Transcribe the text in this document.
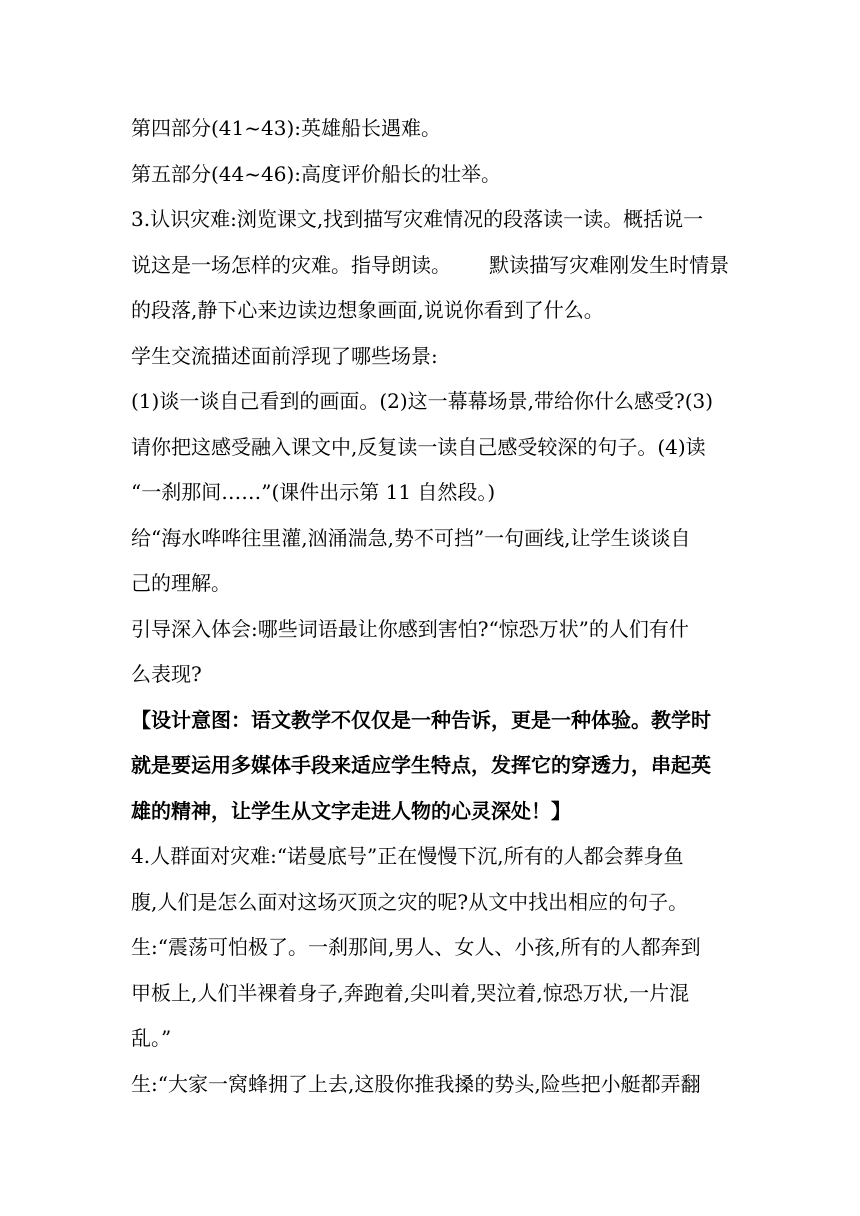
第四部分(41~43):英雄船长遇难。
第五部分(44~46):高度评价船长的壮举。
3.认识灾难:浏览课文,找到描写灾难情况的段落读一读。概括说一
说这是一场怎样的灾难。指导朗读。      默读描写灾难刚发生时情景
的段落,静下心来边读边想象画面,说说你看到了什么。
学生交流描述面前浮现了哪些场景:
(1)谈一谈自己看到的画面。(2)这一幕幕场景,带给你什么感受?(3)
请你把这感受融入课文中,反复读一读自己感受较深的句子。(4)读
“一刹那间……”(课件出示第 11 自然段。)
给“海水哗哗往里灌,汹涌湍急,势不可挡”一句画线,让学生谈谈自
己的理解。
引导深入体会:哪些词语最让你感到害怕?“惊恐万状”的人们有什
么表现?
【设计意图：语文教学不仅仅是一种告诉，更是一种体验。教学时
就是要运用多媒体手段来适应学生特点，发挥它的穿透力，串起英
雄的精神，让学生从文字走进人物的心灵深处！】
4.人群面对灾难:“诺曼底号”正在慢慢下沉,所有的人都会葬身鱼
腹,人们是怎么面对这场灭顶之灾的呢?从文中找出相应的句子。
生:“震荡可怕极了。一刹那间,男人、女人、小孩,所有的人都奔到
甲板上,人们半裸着身子,奔跑着,尖叫着,哭泣着,惊恐万状,一片混
乱。”
生:“大家一窝蜂拥了上去,这股你推我搡的势头,险些把小艇都弄翻
